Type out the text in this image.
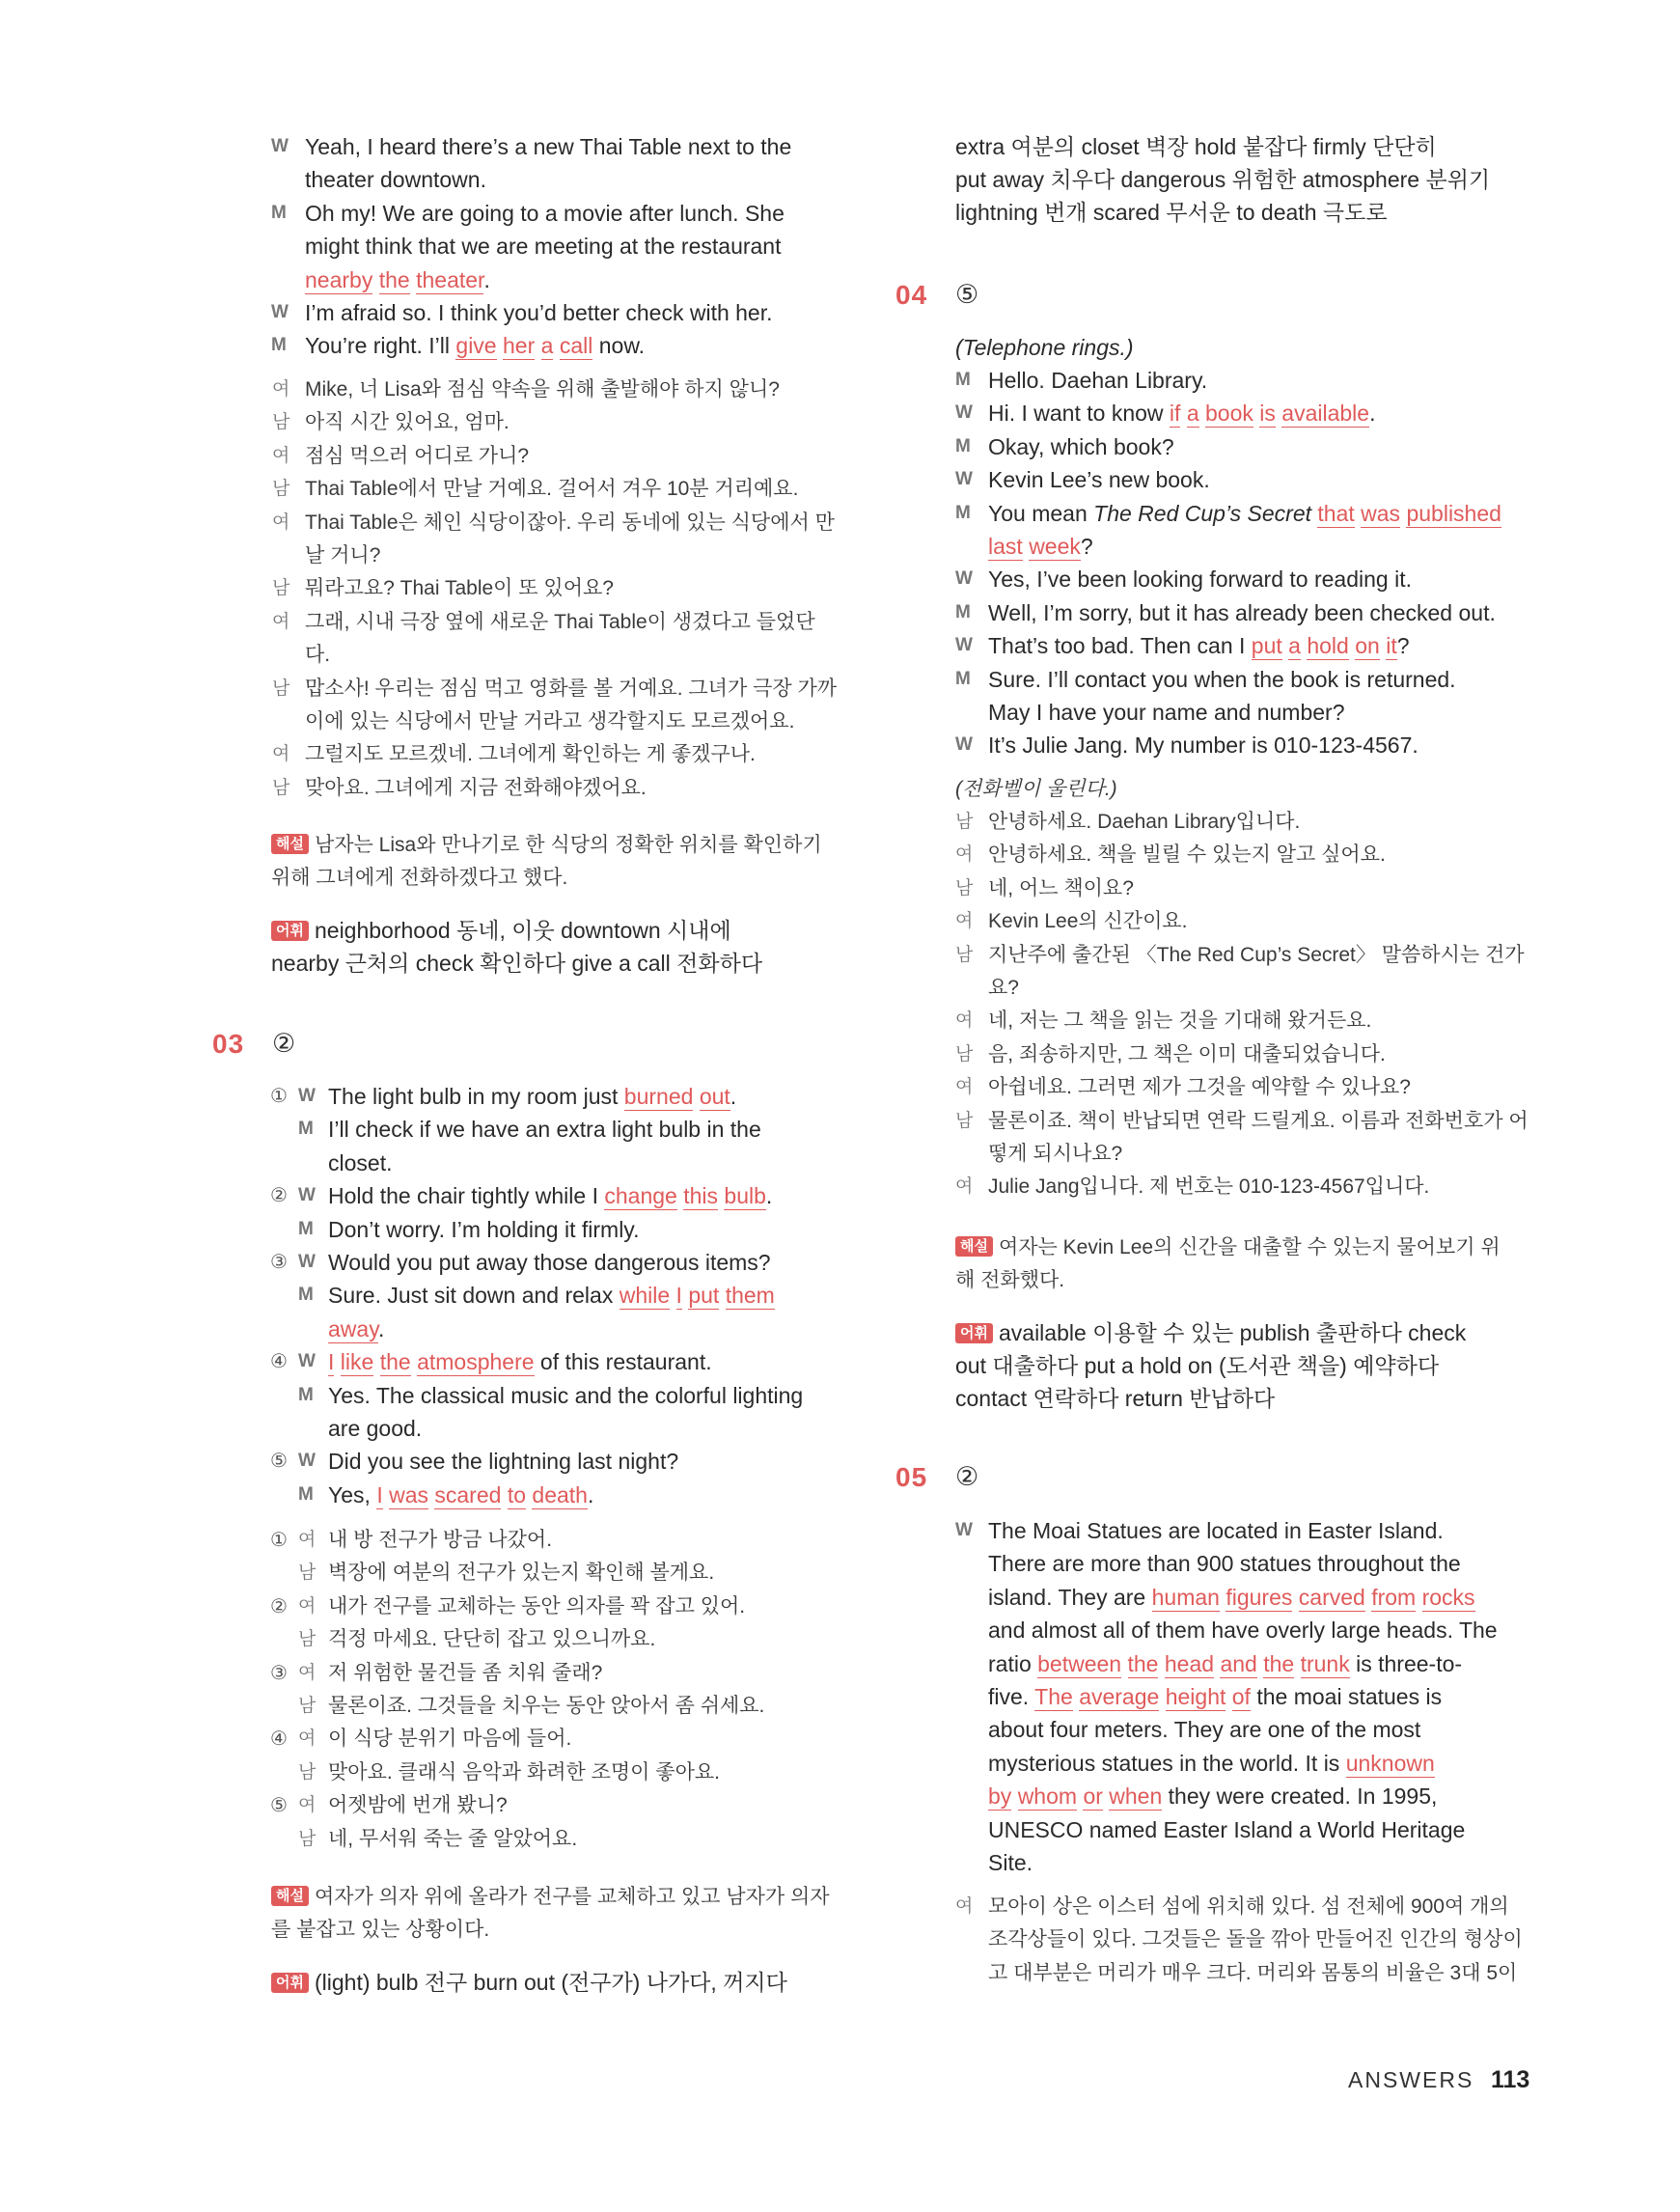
W Yeah, I heard there’s a new Thai Table next to the
theater downtown.
M Oh my! We are going to a movie after lunch. She
might think that we are meeting at the restaurant
nearby the theater.
W I’m afraid so. I think you’d better check with her.
M You’re right. I’ll give her a call now.
여 Mike, 너 Lisa와 점심 약속을 위해 출발해야 하지 않니?
남 아직 시간 있어요, 엄마.
여 점심 먹으러 어디로 가니?
남 Thai Table에서 만날 거예요. 걸어서 겨우 10분 거리예요.
여 Thai Table은 체인 식당이잖아. 우리 동네에 있는 식당에서 만
날 거니?
남 뭐라고요? Thai Table이 또 있어요?
여 그래, 시내 극장 옆에 새로운 Thai Table이 생겼다고 들었단
다.
남 맙소사! 우리는 점심 먹고 영화를 볼 거예요. 그녀가 극장 가까
이에 있는 식당에서 만날 거라고 생각할지도 모르겠어요.
여 그럴지도 모르겠네. 그녀에게 확인하는 게 좋겠구나.
남 맞아요. 그녀에게 지금 전화해야겠어요.
해설 남자는 Lisa와 만나기로 한 식당의 정확한 위치를 확인하기
위해 그녀에게 전화하겠다고 했다.
어휘 neighborhood 동네, 이웃 downtown 시내에
nearby 근처의 check 확인하다 give a call 전화하다
03 ②
① W The light bulb in my room just burned out.
M I’ll check if we have an extra light bulb in the
closet.
② W Hold the chair tightly while I change this bulb.
M Don’t worry. I’m holding it firmly.
③ W Would you put away those dangerous items?
M Sure. Just sit down and relax while I put them
away.
④ W I like the atmosphere of this restaurant.
M Yes. The classical music and the colorful lighting
are good.
⑤ W Did you see the lightning last night?
M Yes, I was scared to death.
① 여 내 방 전구가 방금 나갔어.
남 벽장에 여분의 전구가 있는지 확인해 볼게요.
② 여 내가 전구를 교체하는 동안 의자를 꽉 잡고 있어.
남 걱정 마세요. 단단히 잡고 있으니까요.
③ 여 저 위험한 물건들 좀 치워 줄래?
남 물론이죠. 그것들을 치우는 동안 앉아서 좀 쉬세요.
④ 여 이 식당 분위기 마음에 들어.
남 맞아요. 클래식 음악과 화려한 조명이 좋아요.
⑤ 여 어젯밤에 번개 봤니?
남 네, 무서워 죽는 줄 알았어요.
해설 여자가 의자 위에 올라가 전구를 교체하고 있고 남자가 의자
를 붙잡고 있는 상황이다.
어휘 (light) bulb 전구 burn out (전구가) 나가다, 꺼지다
extra 여분의 closet 벽장 hold 붙잡다 firmly 단단히
put away 치우다 dangerous 위험한 atmosphere 분위기
lightning 번개 scared 무서운 to death 극도로
04 ⑤
(Telephone rings.)
M Hello. Daehan Library.
W Hi. I want to know if a book is available.
M Okay, which book?
W Kevin Lee’s new book.
M You mean The Red Cup’s Secret that was published
last week?
W Yes, I’ve been looking forward to reading it.
M Well, I’m sorry, but it has already been checked out.
W That’s too bad. Then can I put a hold on it?
M Sure. I’ll contact you when the book is returned.
May I have your name and number?
W It’s Julie Jang. My number is 010-123-4567.
(전화벨이 울린다.)
남 안녕하세요. Daehan Library입니다.
여 안녕하세요. 책을 빌릴 수 있는지 알고 싶어요.
남 네, 어느 책이요?
여 Kevin Lee의 신간이요.
남 지난주에 출간된 〈The Red Cup’s Secret〉 말씀하시는 건가
요?
여 네, 저는 그 책을 읽는 것을 기대해 왔거든요.
남 음, 죄송하지만, 그 책은 이미 대출되었습니다.
여 아쉽네요. 그러면 제가 그것을 예약할 수 있나요?
남 물론이죠. 책이 반납되면 연락 드릴게요. 이름과 전화번호가 어
떻게 되시나요?
여 Julie Jang입니다. 제 번호는 010-123-4567입니다.
해설 여자는 Kevin Lee의 신간을 대출할 수 있는지 물어보기 위
해 전화했다.
어휘 available 이용할 수 있는 publish 출판하다 check
out 대출하다 put a hold on (도서관 책을) 예약하다
contact 연락하다 return 반납하다
05 ②
W The Moai Statues are located in Easter Island.
There are more than 900 statues throughout the
island. They are human figures carved from rocks
and almost all of them have overly large heads. The
ratio between the head and the trunk is three-to-
five. The average height of the moai statues is
about four meters. They are one of the most
mysterious statues in the world. It is unknown
by whom or when they were created. In 1995,
UNESCO named Easter Island a World Heritage
Site.
여 모아이 상은 이스터 섬에 위치해 있다. 섬 전체에 900여 개의
조각상들이 있다. 그것들은 돌을 깎아 만들어진 인간의 형상이
고 대부분은 머리가 매우 크다. 머리와 몸통의 비율은 3대 5이
ANSWERS 113
